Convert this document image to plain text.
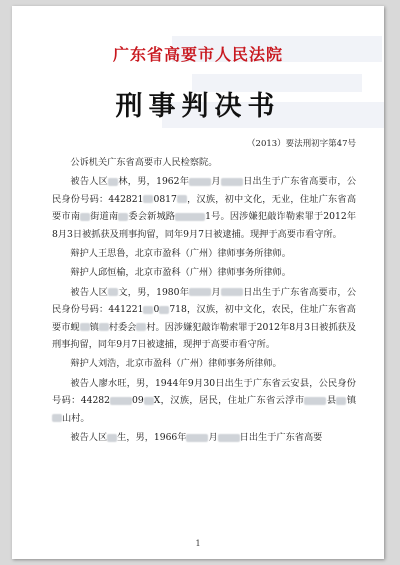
广东省高要市人民法院
刑事判决书
（2013）要法刑初字第47号

公诉机关广东省高要市人民检察院。

被告人区 林，男，1962年 月 日出生于广东省高要市，公民身份号码：442821 0817 ，汉族，初中文化，无业，住址广东省高要市南 街道南 委会新城路	1号。因涉嫌犯敲诈勒索罪于2012年8月3日被抓获及刑事拘留，同年9月7日被逮捕。现押于高要市看守所。

辩护人王思鲁，北京市盈科（广州）律师事务所律师。

辩护人邱恒榆，北京市盈科（广州）律师事务所律师。

被告人区 文，男，1980年 月 日出生于广东省高要市，公民身份号码：441221 0 718，汉族，初中文化，农民，住址广东省高要市蚬 镇 村委会 村。因涉嫌犯敲诈勒索罪于2012年8月3日被抓获及刑事拘留，同年9月7日被逮捕，现押于高要市看守所。

辩护人刘浩，北京市盈科（广州）律师事务所律师。

被告人廖水旺，男，1944年9月30日出生于广东省云安县，公民身份号码：44282 09 X，汉族，居民，住址广东省云浮市 县 镇山村。

被告人区 生，男，1966年 月 日出生于广东省高要

1
